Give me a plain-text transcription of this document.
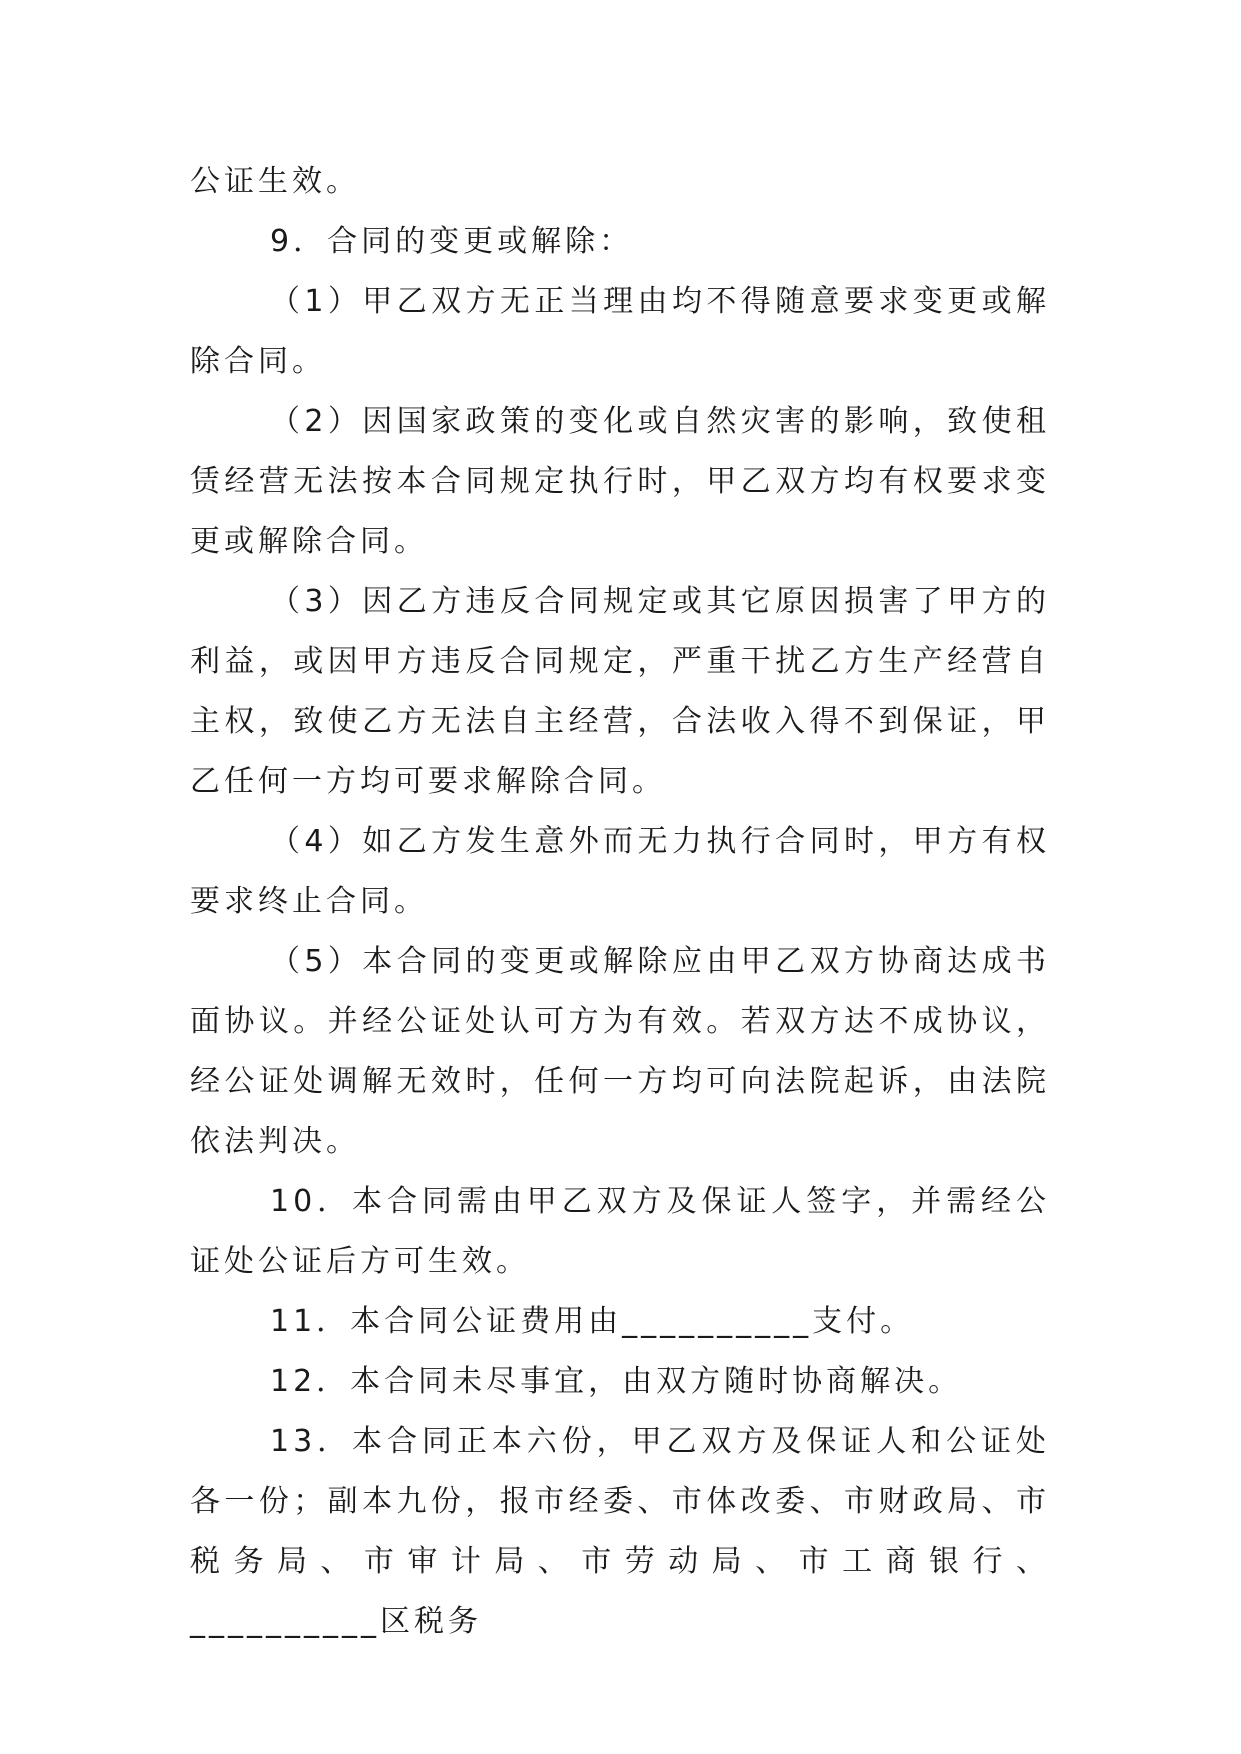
公证生效。

9．合同的变更或解除：

（1）甲乙双方无正当理由均不得随意要求变更或解除合同。

（2）因国家政策的变化或自然灾害的影响，致使租赁经营无法按本合同规定执行时，甲乙双方均有权要求变更或解除合同。

（3）因乙方违反合同规定或其它原因损害了甲方的利益，或因甲方违反合同规定，严重干扰乙方生产经营自主权，致使乙方无法自主经营，合法收入得不到保证，甲乙任何一方均可要求解除合同。

（4）如乙方发生意外而无力执行合同时，甲方有权要求终止合同。

（5）本合同的变更或解除应由甲乙双方协商达成书面协议。并经公证处认可方为有效。若双方达不成协议，经公证处调解无效时，任何一方均可向法院起诉，由法院依法判决。

10．本合同需由甲乙双方及保证人签字，并需经公证处公证后方可生效。

11．本合同公证费用由__________支付。

12．本合同未尽事宜，由双方随时协商解决。

13．本合同正本六份，甲乙双方及保证人和公证处各一份；副本九份，报市经委、市体改委、市财政局、市税务局、市审计局、市劳动局、市工商银行、__________区税务
